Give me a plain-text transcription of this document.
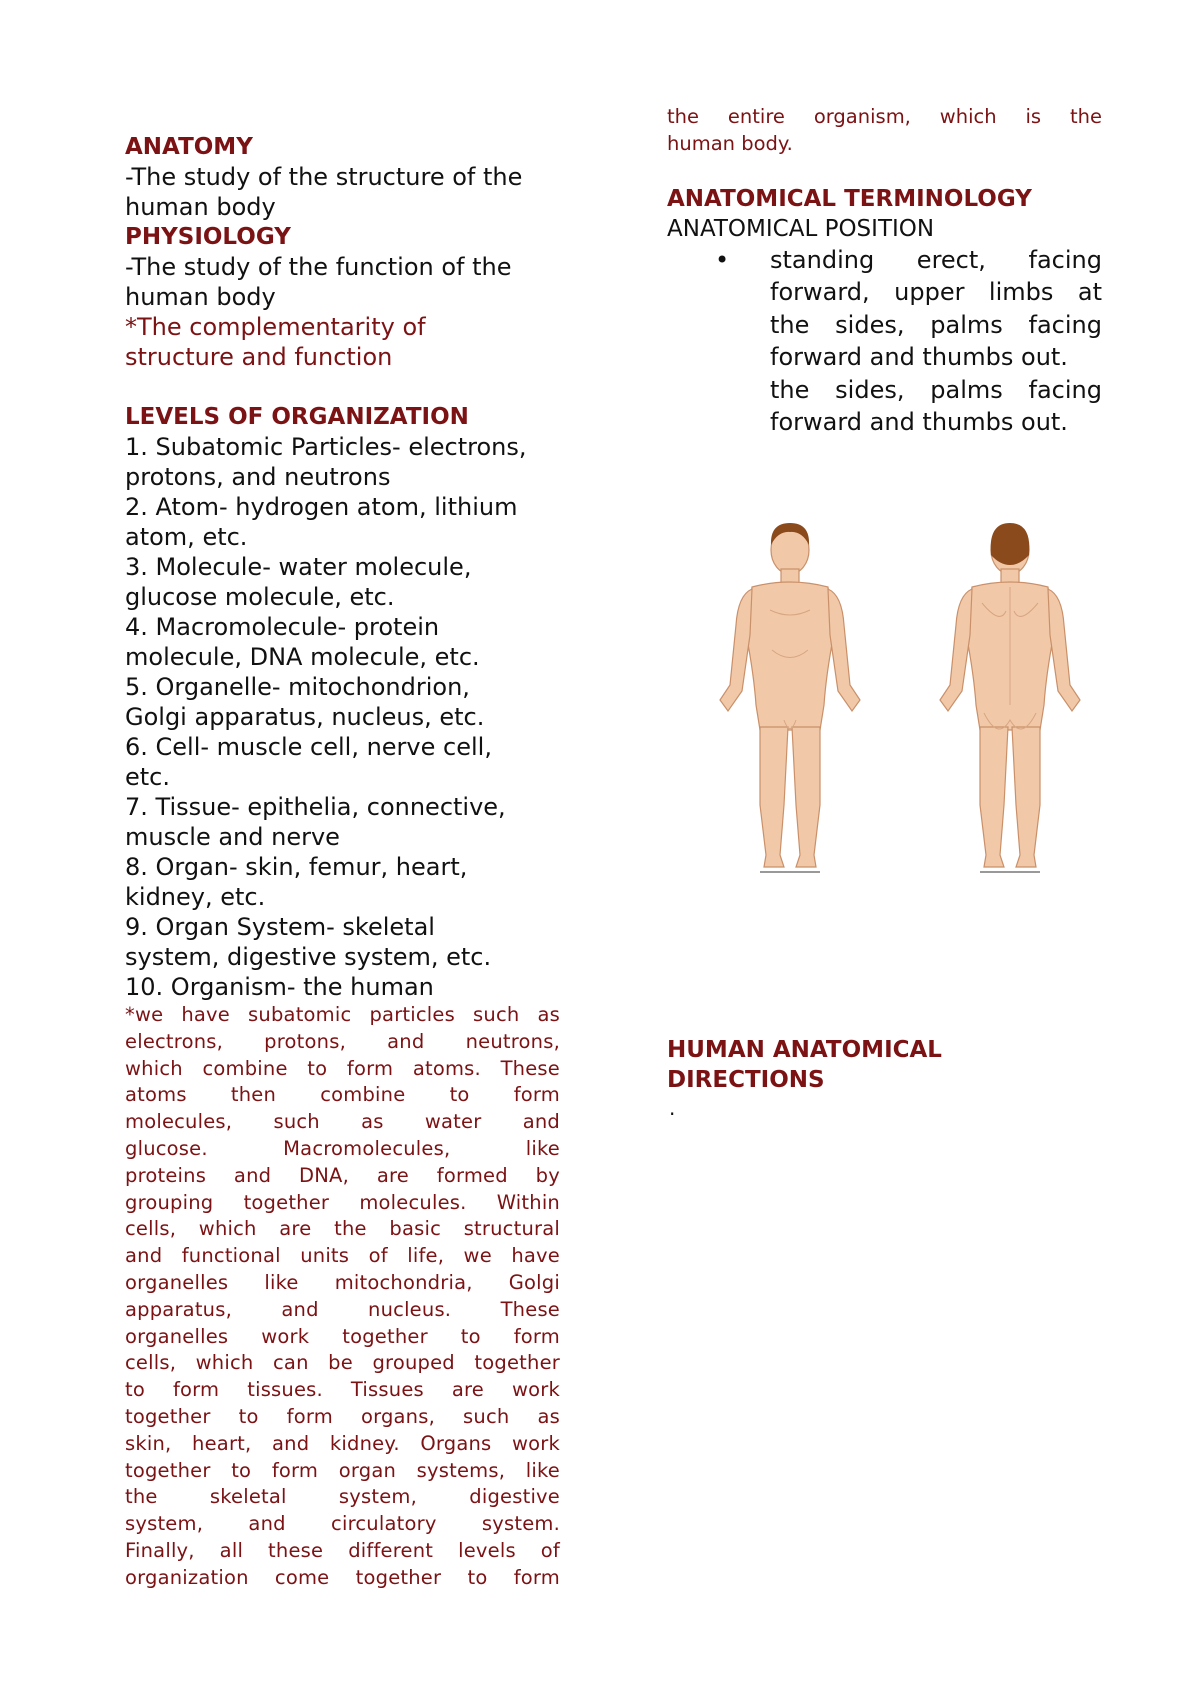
ANATOMY
-The study of the structure of the
human body
PHYSIOLOGY
-The study of the function of the
human body
*The complementarity of
structure and function
LEVELS OF ORGANIZATION
1. Subatomic Particles- electrons,
protons, and neutrons
2. Atom- hydrogen atom, lithium
atom, etc.
3. Molecule- water molecule,
glucose molecule, etc.
4. Macromolecule- protein
molecule, DNA molecule, etc.
5. Organelle- mitochondrion,
Golgi apparatus, nucleus, etc.
6. Cell- muscle cell, nerve cell,
etc.
7. Tissue- epithelia, connective,
muscle and nerve
8. Organ- skin, femur, heart,
kidney, etc.
9. Organ System- skeletal
system, digestive system, etc.
10. Organism- the human
*we have subatomic particles such as
electrons, protons, and neutrons,
which combine to form atoms. These
atoms then combine to form
molecules, such as water and
glucose. Macromolecules, like
proteins and DNA, are formed by
grouping together molecules. Within
cells, which are the basic structural
and functional units of life, we have
organelles like mitochondria, Golgi
apparatus, and nucleus. These
organelles work together to form
cells, which can be grouped together
to form tissues. Tissues are work
together to form organs, such as
skin, heart, and kidney. Organs work
together to form organ systems, like
the skeletal system, digestive
system, and circulatory system.
Finally, all these different levels of
organization come together to form
the entire organism, which is the
human body.
ANATOMICAL TERMINOLOGY
ANATOMICAL POSITION
•	standing erect, facing
forward, upper limbs at
the sides, palms facing
forward and thumbs out.
the sides, palms facing
forward and thumbs out.
HUMAN ANATOMICAL
DIRECTIONS
.
